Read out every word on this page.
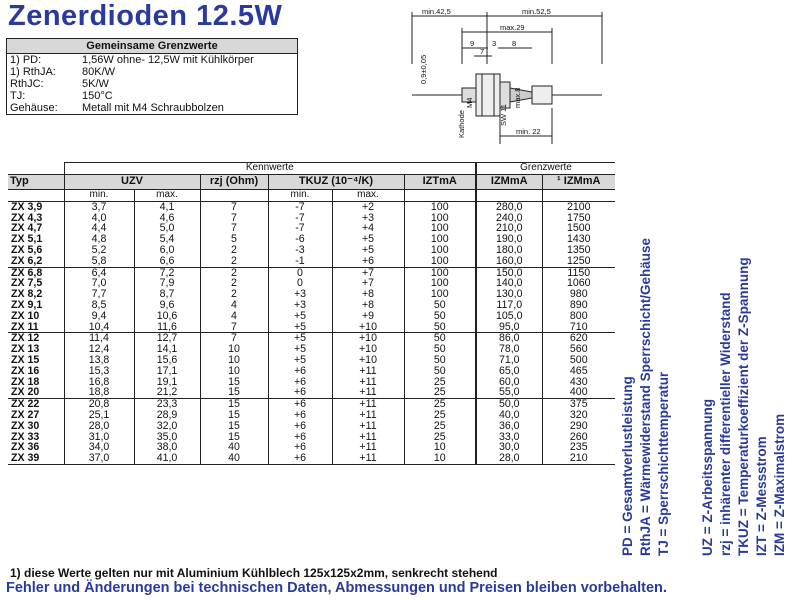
Zenerdioden 12.5W
Gemeinsame Grenzwerte
1) PD:	1,56W ohne- 12,5W mit Kühlkörper
1) RthJA:	80K/W
RthJC:	5K/W
TJ:	150°C
Gehäuse:	Metall mit M4 Schraubbolzen
min.42,5	min.52,5
max.29
9 3 8
7
0,9±0,05
M4
SW 11
max.8
min. 22
Kathode
	Kennwerte						Grenzwerte	
Typ	UZV		rzj (Ohm)	TKUZ (10⁻⁴/K)		IZTmA	IZMmA	¹ IZMmA
	min.	max.		min.	max.			
ZX 3,9	3,7	4,1	7	-7	+2	100	280,0	2100
ZX 4,3	4,0	4,6	7	-7	+3	100	240,0	1750
ZX 4,7	4,4	5,0	7	-7	+4	100	210,0	1500
ZX 5,1	4,8	5,4	5	-6	+5	100	190,0	1430
ZX 5,6	5,2	6,0	2	-3	+5	100	180,0	1350
ZX 6,2	5,8	6,6	2	-1	+6	100	160,0	1250
ZX 6,8	6,4	7,2	2	0	+7	100	150,0	1150
ZX 7,5	7,0	7,9	2	0	+7	100	140,0	1060
ZX 8,2	7,7	8,7	2	+3	+8	100	130,0	980
ZX 9,1	8,5	9,6	4	+3	+8	50	117,0	890
ZX 10	9,4	10,6	4	+5	+9	50	105,0	800
ZX 11	10,4	11,6	7	+5	+10	50	95,0	710
ZX 12	11,4	12,7	7	+5	+10	50	86,0	620
ZX 13	12,4	14,1	10	+5	+10	50	78,0	560
ZX 15	13,8	15,6	10	+5	+10	50	71,0	500
ZX 16	15,3	17,1	10	+6	+11	50	65,0	465
ZX 18	16,8	19,1	15	+6	+11	25	60,0	430
ZX 20	18,8	21,2	15	+6	+11	25	55,0	400
ZX 22	20,8	23,3	15	+6	+11	25	50,0	375
ZX 27	25,1	28,9	15	+6	+11	25	40,0	320
ZX 30	28,0	32,0	15	+6	+11	25	36,0	290
ZX 33	31,0	35,0	15	+6	+11	25	33,0	260
ZX 36	34,0	38,0	40	+6	+11	10	30,0	235
ZX 39	37,0	41,0	40	+6	+11	10	28,0	210
1) diese Werte gelten nur mit Aluminium Kühlblech 125x125x2mm, senkrecht stehend
Fehler und Änderungen bei technischen Daten, Abmessungen und Preisen bleiben vorbehalten.
PD = Gesamtverlustleistung RthJA = Wärmewiderstand Sperrschicht/Gehäuse TJ = Sperrschichttemperatur UZ = Z-Arbeitsspannung rzj = inhärenter differentieller Widerstand TKUZ = Temperaturkoeffizient der Z-Spannung IZT = Z-Messstrom IZM = Z-Maximalstrom
